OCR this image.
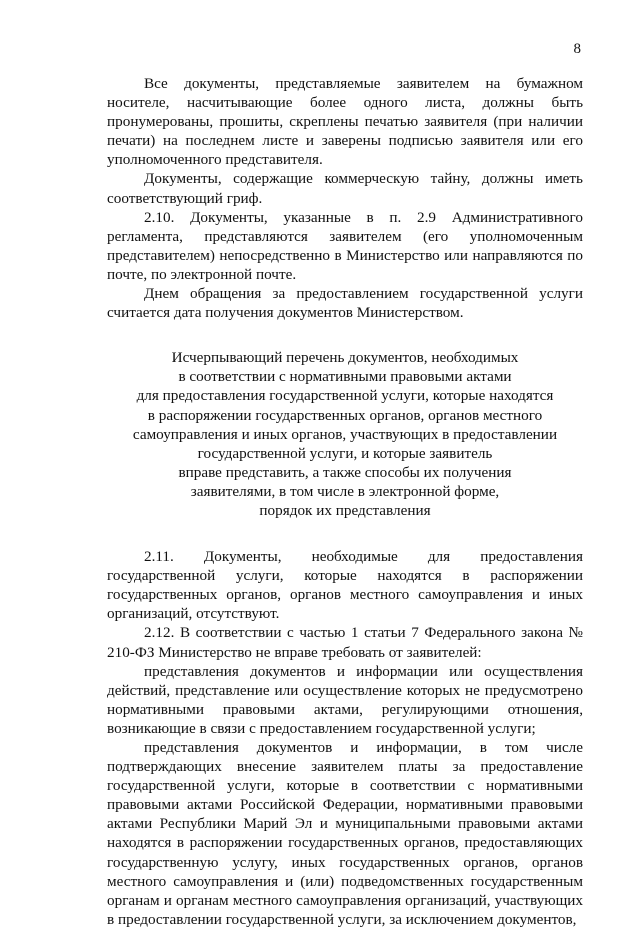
8

Все документы, представляемые заявителем на бумажном носителе, насчитывающие более одного листа, должны быть пронумерованы, прошиты, скреплены печатью заявителя (при наличии печати) на последнем листе и заверены подписью заявителя или его уполномоченного представителя.

Документы, содержащие коммерческую тайну, должны иметь соответствующий гриф.

2.10. Документы, указанные в п. 2.9 Административного регламента, представляются заявителем (его уполномоченным представителем) непосредственно в Министерство или направляются по почте, по электронной почте.

Днем обращения за предоставлением государственной услуги считается дата получения документов Министерством.

Исчерпывающий перечень документов, необходимых

в соответствии с нормативными правовыми актами

для предоставления государственной услуги, которые находятся

в распоряжении государственных органов, органов местного

самоуправления и иных органов, участвующих в предоставлении

государственной услуги, и которые заявитель

вправе представить, а также способы их получения

заявителями, в том числе в электронной форме,

порядок их представления

2.11. Документы, необходимые для предоставления государственной услуги, которые находятся в распоряжении государственных органов, органов местного самоуправления и иных организаций, отсутствуют.

2.12. В соответствии с частью 1 статьи 7 Федерального закона № 210-ФЗ Министерство не вправе требовать от заявителей:

представления документов и информации или осуществления действий, представление или осуществление которых не предусмотрено нормативными правовыми актами, регулирующими отношения, возникающие в связи с предоставлением государственной услуги;

представления документов и информации, в том числе подтверждающих внесение заявителем платы за предоставление государственной услуги, которые в соответствии с нормативными правовыми актами Российской Федерации, нормативными правовыми актами Республики Марий Эл и муниципальными правовыми актами находятся в распоряжении государственных органов, предоставляющих государственную услугу, иных государственных органов, органов местного самоуправления и (или) подведомственных государственным органам и органам местного самоуправления организаций, участвующих в предоставлении государственной услуги, за исключением документов,
